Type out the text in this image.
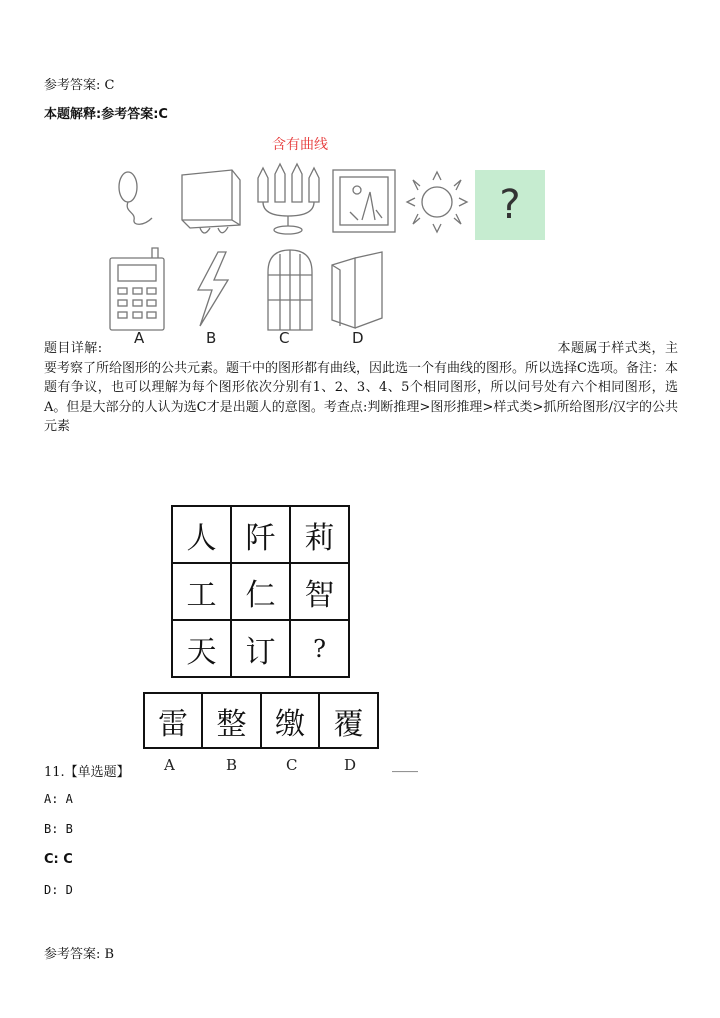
参考答案: C
本题解释:参考答案:C
含有曲线
?
A	B	C	D
题目详解:	本题属于样式类，主要考察了所给图形的公共元素。题干中的图形都有曲线，因此选一个有曲线的图形。所以选择C选项。备注：本题有争议，也可以理解为每个图形依次分别有1、2、3、4、5个相同图形，所以问号处有六个相同图形，选A。但是大部分的人认为选C才是出题人的意图。考查点:判断推理>图形推理>样式类>抓所给图形/汉字的公共元素
人 阡 莉
工 仁 智
天 订	?
雷 整 缴 覆
A	B	C	D
11.【单选题】	____
A: A
B: B
C: C
D: D
参考答案: B
